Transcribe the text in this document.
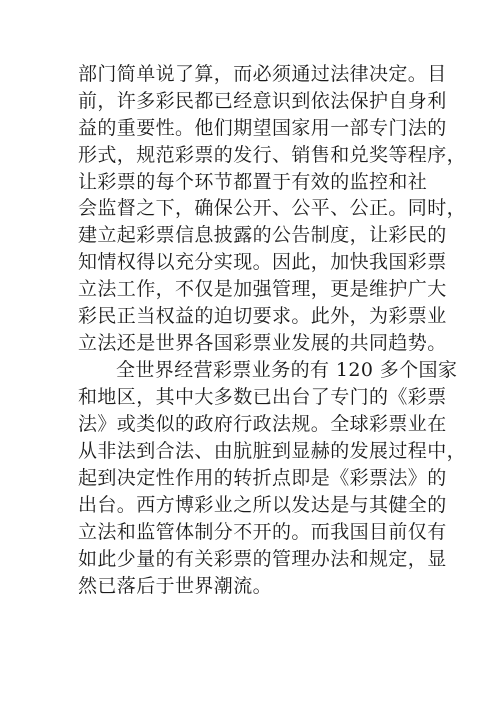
部门简单说了算，而必须通过法律决定。目
前，许多彩民都已经意识到依法保护自身利
益的重要性。他们期望国家用一部专门法的
形式，规范彩票的发行、销售和兑奖等程序，
让彩票的每个环节都置于有效的监控和社
会监督之下，确保公开、公平、公正。同时，
建立起彩票信息披露的公告制度，让彩民的
知情权得以充分实现。因此，加快我国彩票
立法工作，不仅是加强管理，更是维护广大
彩民正当权益的迫切要求。此外，为彩票业
立法还是世界各国彩票业发展的共同趋势。
全世界经营彩票业务的有 120 多个国家
和地区，其中大多数已出台了专门的《彩票
法》或类似的政府行政法规。全球彩票业在
从非法到合法、由肮脏到显赫的发展过程中，
起到决定性作用的转折点即是《彩票法》的
出台。西方博彩业之所以发达是与其健全的
立法和监管体制分不开的。而我国目前仅有
如此少量的有关彩票的管理办法和规定，显
然已落后于世界潮流。
